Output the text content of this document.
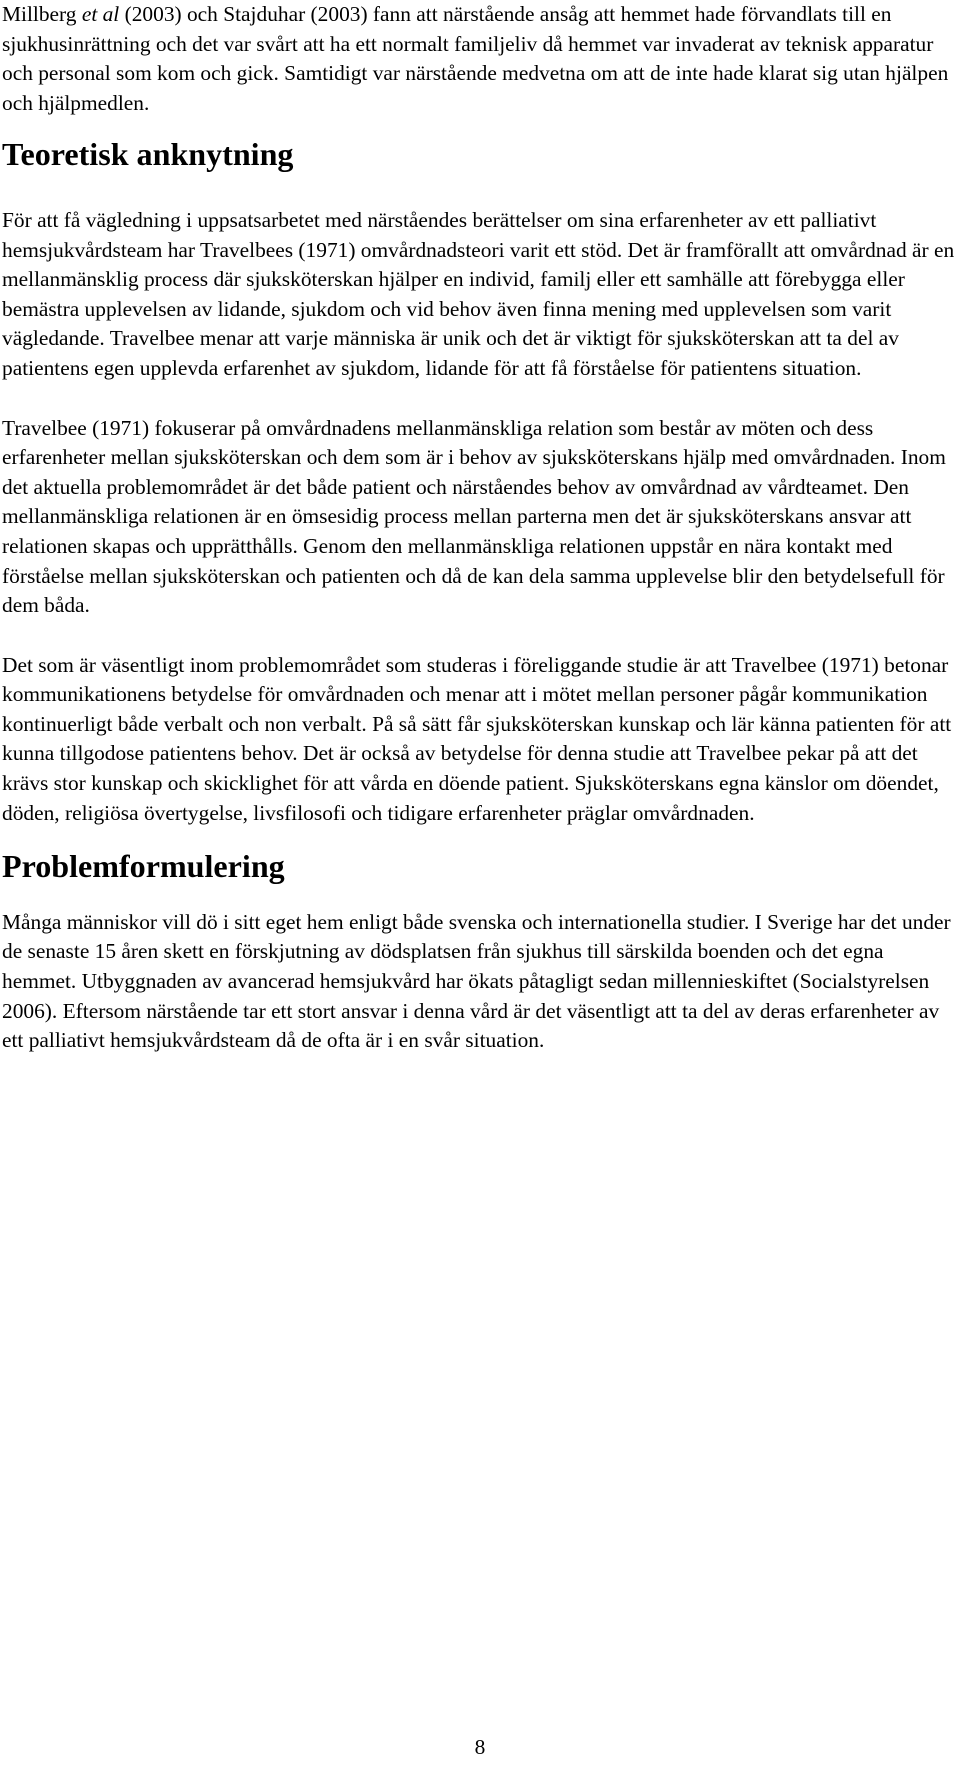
Millberg et al (2003) och Stajduhar (2003) fann att närstående ansåg att hemmet hade förvandlats till en sjukhusinrättning och det var svårt att ha ett normalt familjeliv då hemmet var invaderat av teknisk apparatur och personal som kom och gick. Samtidigt var närstående medvetna om att de inte hade klarat sig utan hjälpen och hjälpmedlen.

Teoretisk anknytning

För att få vägledning i uppsatsarbetet med närståendes berättelser om sina erfarenheter av ett palliativt hemsjukvårdsteam har Travelbees (1971) omvårdnadsteori varit ett stöd. Det är framförallt att omvårdnad är en mellanmänsklig process där sjuksköterskan hjälper en individ, familj eller ett samhälle att förebygga eller bemästra upplevelsen av lidande, sjukdom och vid behov även finna mening med upplevelsen som varit vägledande. Travelbee menar att varje människa är unik och det är viktigt för sjuksköterskan att ta del av patientens egen upplevda erfarenhet av sjukdom, lidande för att få förståelse för patientens situation.

Travelbee (1971) fokuserar på omvårdnadens mellanmänskliga relation som består av möten och dess erfarenheter mellan sjuksköterskan och dem som är i behov av sjuksköterskans hjälp med omvårdnaden. Inom det aktuella problemområdet är det både patient och närståendes behov av omvårdnad av vårdteamet. Den mellanmänskliga relationen är en ömsesidig process mellan parterna men det är sjuksköterskans ansvar att relationen skapas och upprätthålls. Genom den mellanmänskliga relationen uppstår en nära kontakt med förståelse mellan sjuksköterskan och patienten och då de kan dela samma upplevelse blir den betydelsefull för dem båda.

Det som är väsentligt inom problemområdet som studeras i föreliggande studie är att Travelbee (1971) betonar kommunikationens betydelse för omvårdnaden och menar att i mötet mellan personer pågår kommunikation kontinuerligt både verbalt och non verbalt. På så sätt får sjuksköterskan kunskap och lär känna patienten för att kunna tillgodose patientens behov. Det är också av betydelse för denna studie att Travelbee pekar på att det krävs stor kunskap och skicklighet för att vårda en döende patient. Sjuksköterskans egna känslor om döendet, döden, religiösa övertygelse, livsfilosofi och tidigare erfarenheter präglar omvårdnaden.

Problemformulering

Många människor vill dö i sitt eget hem enligt både svenska och internationella studier. I Sverige har det under de senaste 15 åren skett en förskjutning av dödsplatsen från sjukhus till särskilda boenden och det egna hemmet. Utbyggnaden av avancerad hemsjukvård har ökats påtagligt sedan millennieskiftet (Socialstyrelsen 2006). Eftersom närstående tar ett stort ansvar i denna vård är det väsentligt att ta del av deras erfarenheter av ett palliativt hemsjukvårdsteam då de ofta är i en svår situation.

8
